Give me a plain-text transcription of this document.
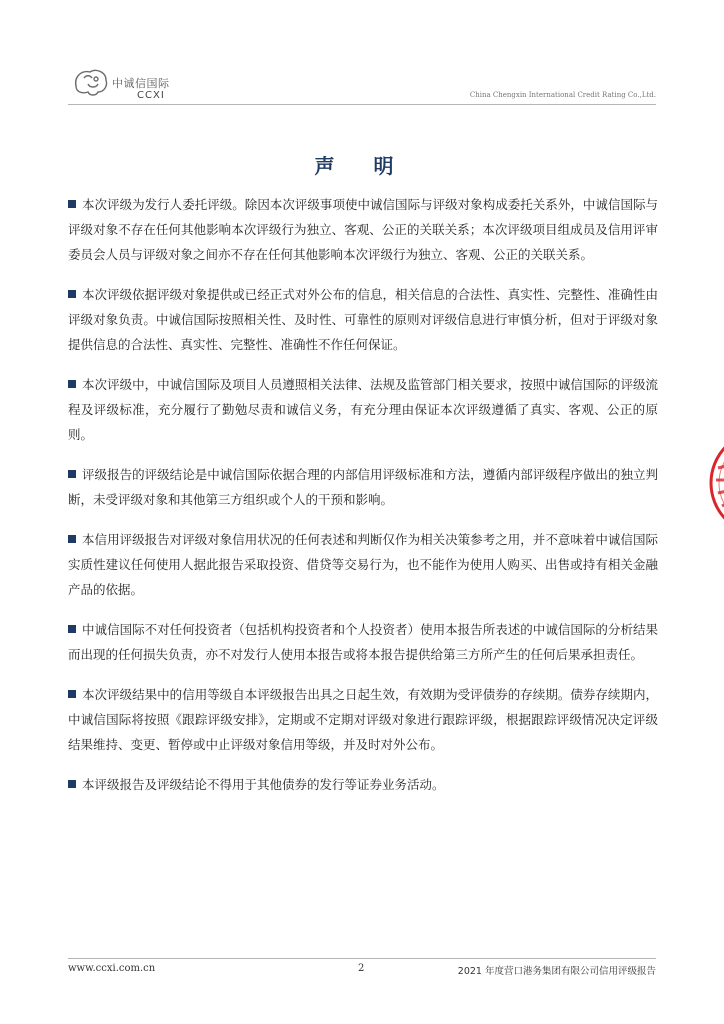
中诚信国际
CCXI	China Chengxin International Credit Rating Co.,Ltd.
声 明

本次评级为发行人委托评级。除因本次评级事项使中诚信国际与评级对象构成委托关系外，中诚信国际与评级对象不存在任何其他影响本次评级行为独立、客观、公正的关联关系；本次评级项目组成员及信用评审委员会人员与评级对象之间亦不存在任何其他影响本次评级行为独立、客观、公正的关联关系。

本次评级依据评级对象提供或已经正式对外公布的信息，相关信息的合法性、真实性、完整性、准确性由评级对象负责。中诚信国际按照相关性、及时性、可靠性的原则对评级信息进行审慎分析，但对于评级对象提供信息的合法性、真实性、完整性、准确性不作任何保证。

本次评级中，中诚信国际及项目人员遵照相关法律、法规及监管部门相关要求，按照中诚信国际的评级流程及评级标准，充分履行了勤勉尽责和诚信义务，有充分理由保证本次评级遵循了真实、客观、公正的原则。

评级报告的评级结论是中诚信国际依据合理的内部信用评级标准和方法，遵循内部评级程序做出的独立判断，未受评级对象和其他第三方组织或个人的干预和影响。

本信用评级报告对评级对象信用状况的任何表述和判断仅作为相关决策参考之用，并不意味着中诚信国际实质性建议任何使用人据此报告采取投资、借贷等交易行为，也不能作为使用人购买、出售或持有相关金融产品的依据。

中诚信国际不对任何投资者（包括机构投资者和个人投资者）使用本报告所表述的中诚信国际的分析结果而出现的任何损失负责，亦不对发行人使用本报告或将本报告提供给第三方所产生的任何后果承担责任。

本次评级结果中的信用等级自本评级报告出具之日起生效，有效期为受评债券的存续期。债券存续期内，中诚信国际将按照《跟踪评级安排》，定期或不定期对评级对象进行跟踪评级，根据跟踪评级情况决定评级结果维持、变更、暂停或中止评级对象信用等级，并及时对外公布。

本评级报告及评级结论不得用于其他债券的发行等证券业务活动。

www.ccxi.com.cn	2	2021 年度营口港务集团有限公司信用评级报告
